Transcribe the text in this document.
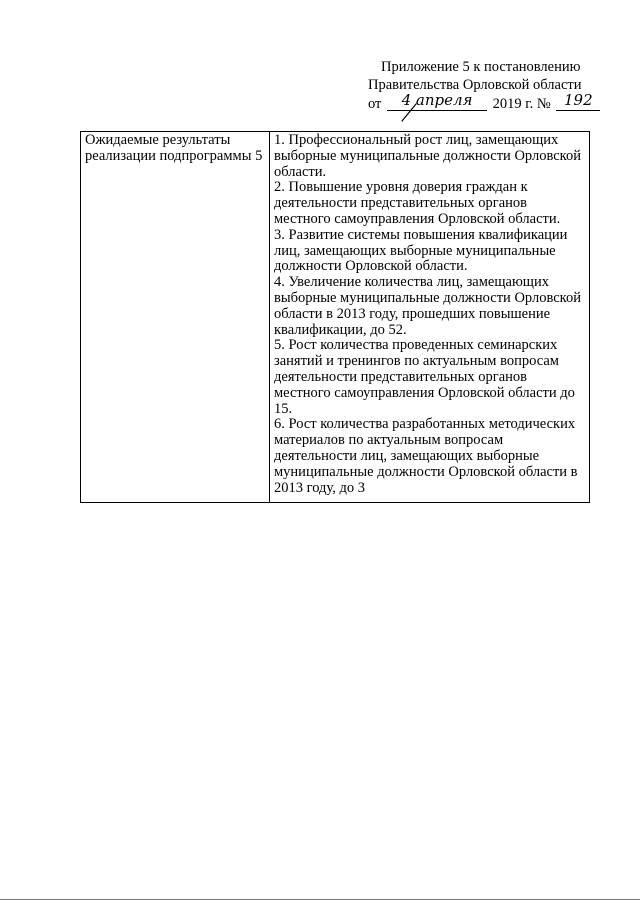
Приложение 5 к постановлению
Правительства Орловской области
от 4 апреля 2019 г. № 192
Ожидаемые результаты реализации подпрограммы 5	
1. Профессиональный рост лиц, замещающих выборные муниципальные должности Орловской области.
2. Повышение уровня доверия граждан к деятельности представительных органов местного самоуправления Орловской области.
3. Развитие системы повышения квалификации лиц, замещающих выборные муниципальные должности Орловской области.
4. Увеличение количества лиц, замещающих выборные муниципальные должности Орловской области в 2013 году, прошедших повышение квалификации, до 52.
5. Рост количества проведенных семинарских занятий и тренингов по актуальным вопросам деятельности представительных органов местного самоуправления Орловской области до 15.
6. Рост количества разработанных методических материалов по актуальным вопросам деятельности лиц, замещающих выборные муниципальные должности Орловской области в 2013 году, до 3
